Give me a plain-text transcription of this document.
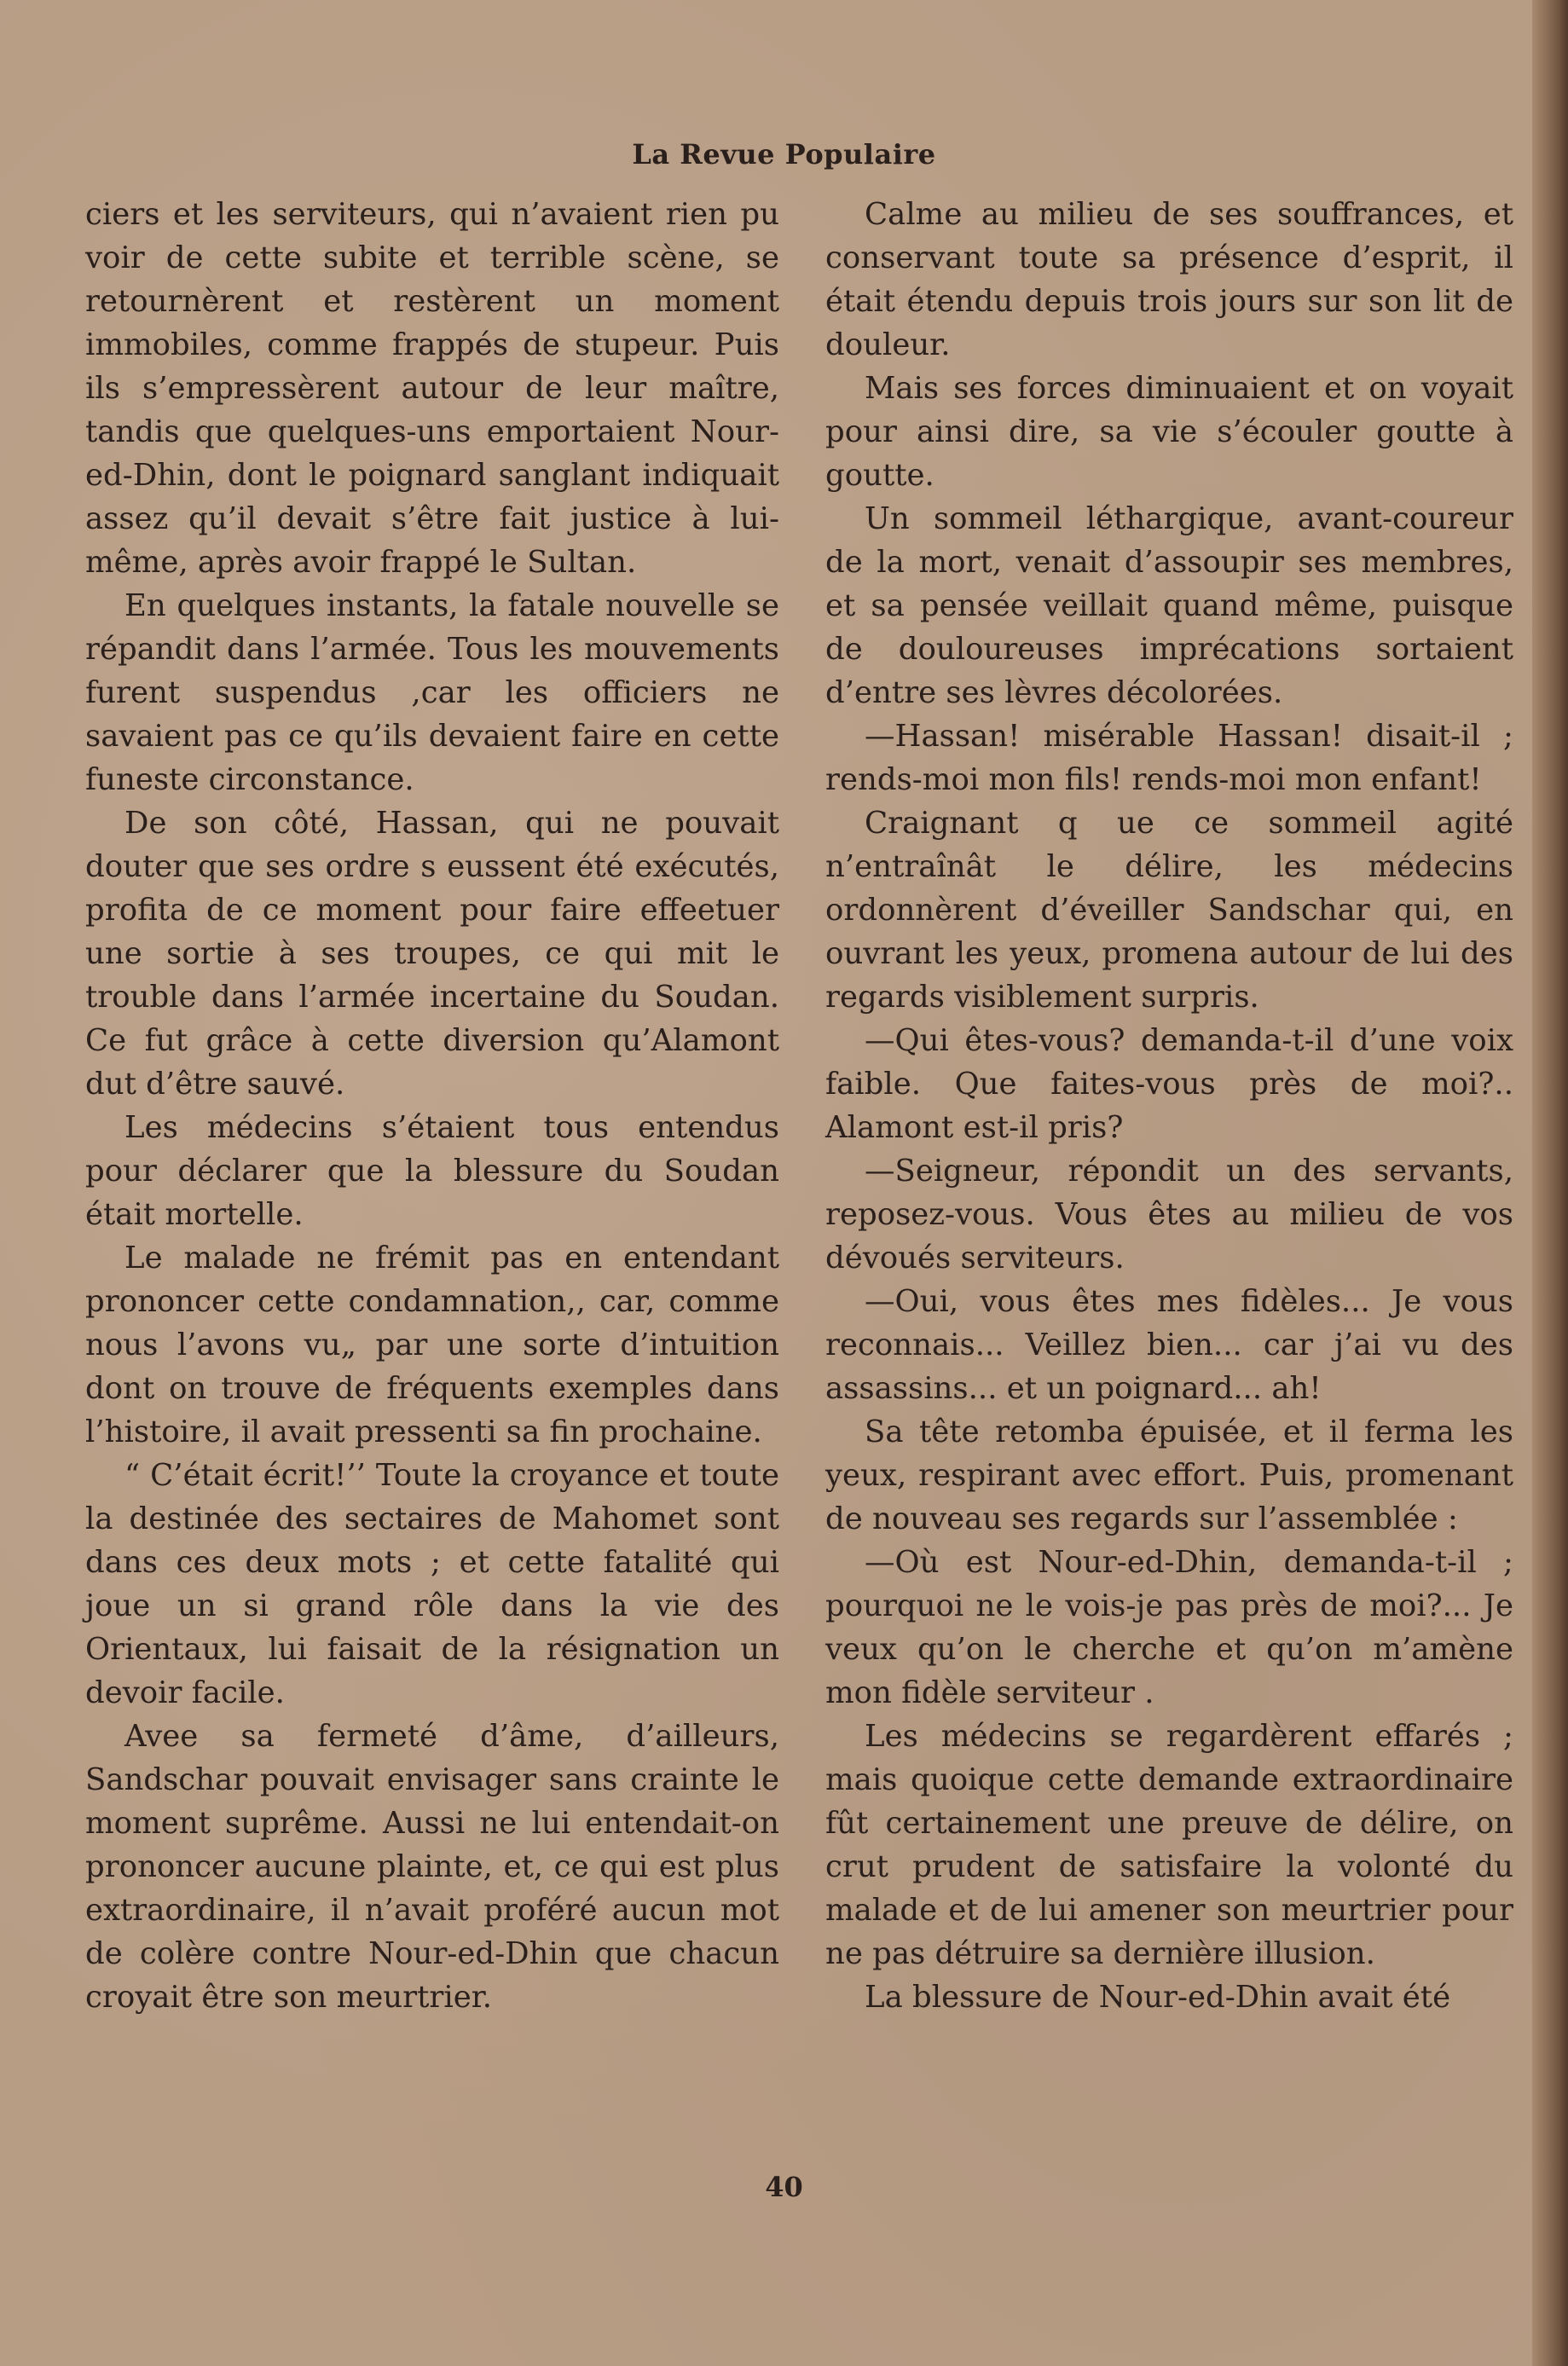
La Revue Populaire

ciers et les serviteurs, qui n’avaient rien pu voir de cette subite et terrible scène, se retournèrent et restèrent un moment immobiles, comme frappés de stupeur. Puis ils s’empressèrent autour de leur maître, tandis que quelques-uns emportaient Nour-ed-Dhin, dont le poignard sanglant indiquait assez qu’il devait s’être fait justice à lui-même, après avoir frappé le Sultan.

En quelques instants, la fatale nouvelle se répandit dans l’armée. Tous les mouvements furent suspendus ,car les officiers ne savaient pas ce qu’ils devaient faire en cette funeste circonstance.

De son côté, Hassan, qui ne pouvait douter que ses ordre s eussent été exécutés, profita de ce moment pour faire effeetuer une sortie à ses troupes, ce qui mit le trouble dans l’armée incertaine du Soudan. Ce fut grâce à cette diversion qu’Alamont dut d’être sauvé.

Les médecins s’étaient tous entendus pour déclarer que la blessure du Soudan était mortelle.

Le malade ne frémit pas en entendant prononcer cette condamnation,, car, comme nous l’avons vu„ par une sorte d’intuition dont on trouve de fréquents exemples dans l’histoire, il avait pressenti sa fin prochaine.

“ C’était écrit!’’ Toute la croyance et toute la destinée des sectaires de Mahomet sont dans ces deux mots ; et cette fatalité qui joue un si grand rôle dans la vie des Orientaux, lui faisait de la résignation un devoir facile.

Avee sa fermeté d’âme, d’ailleurs, Sandschar pouvait envisager sans crainte le moment suprême. Aussi ne lui entendait-on prononcer aucune plainte, et, ce qui est plus extraordinaire, il n’avait proféré aucun mot de colère contre Nour-ed-Dhin que chacun croyait être son meurtrier.

Calme au milieu de ses souffrances, et conservant toute sa présence d’esprit, il était étendu depuis trois jours sur son lit de douleur.

Mais ses forces diminuaient et on voyait pour ainsi dire, sa vie s’écouler goutte à goutte.

Un sommeil léthargique, avant-coureur de la mort, venait d’assoupir ses membres, et sa pensée veillait quand même, puisque de douloureuses imprécations sortaient d’entre ses lèvres décolorées.

—Hassan! misérable Hassan! disait-il ; rends-moi mon fils! rends-moi mon enfant!

Craignant q ue ce sommeil agité n’entraînât le délire, les médecins ordonnèrent d’éveiller Sandschar qui, en ouvrant les yeux, promena autour de lui des regards visiblement surpris.

—Qui êtes-vous? demanda-t-il d’une voix faible. Que faites-vous près de moi?.. Alamont est-il pris?

—Seigneur, répondit un des servants, reposez-vous. Vous êtes au milieu de vos dévoués serviteurs.

—Oui, vous êtes mes fidèles... Je vous reconnais... Veillez bien... car j’ai vu des assassins... et un poignard... ah!

Sa tête retomba épuisée, et il ferma les yeux, respirant avec effort. Puis, promenant de nouveau ses regards sur l’assemblée :

—Où est Nour-ed-Dhin, demanda-t-il ; pourquoi ne le vois-je pas près de moi?... Je veux qu’on le cherche et qu’on m’amène mon fidèle serviteur .

Les médecins se regardèrent effarés ; mais quoique cette demande extraordinaire fût certainement une preuve de délire, on crut prudent de satisfaire la volonté du malade et de lui amener son meurtrier pour ne pas détruire sa dernière illusion.

La blessure de Nour-ed-Dhin avait été

40
